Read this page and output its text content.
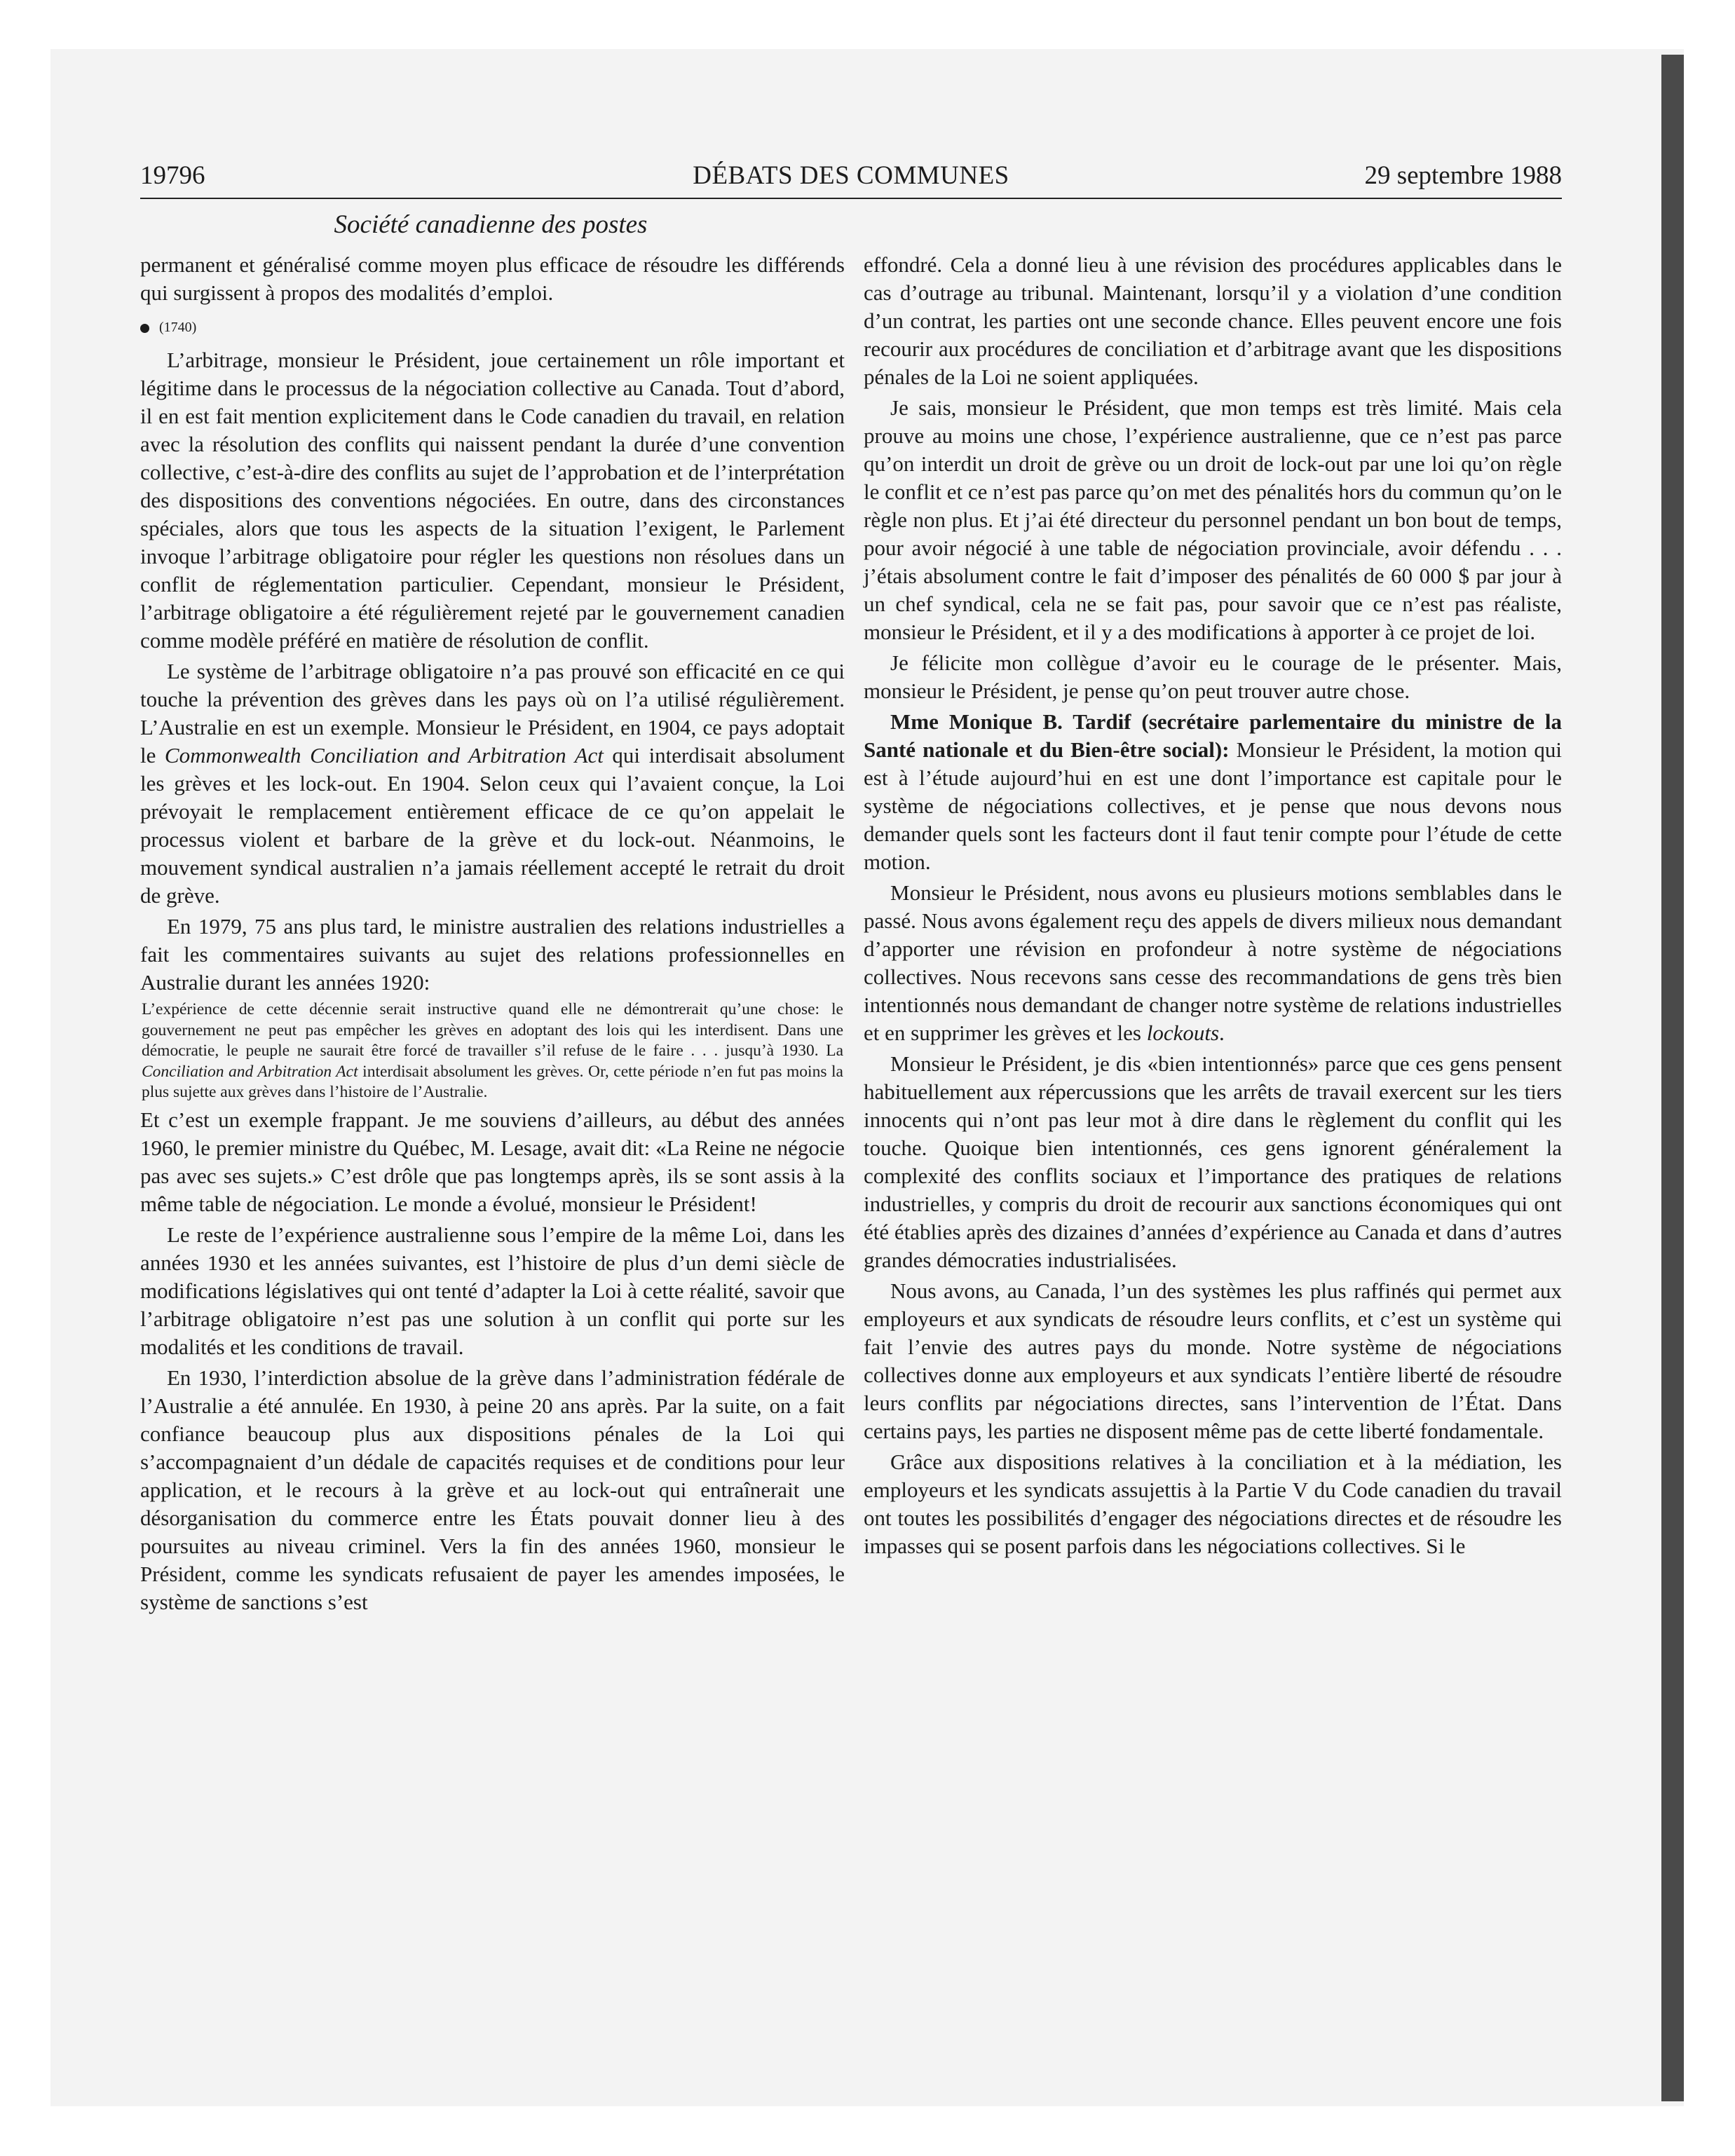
19796	DÉBATS DES COMMUNES	29 septembre 1988
Société canadienne des postes

permanent et généralisé comme moyen plus efficace de résoudre les différends qui surgissent à propos des modalités d’emploi.

(1740)

L’arbitrage, monsieur le Président, joue certainement un rôle important et légitime dans le processus de la négociation collective au Canada. Tout d’abord, il en est fait mention explicitement dans le Code canadien du travail, en relation avec la résolution des conflits qui naissent pendant la durée d’une convention collective, c’est-à-dire des conflits au sujet de l’approbation et de l’interprétation des dispositions des conventions négociées. En outre, dans des circonstances spéciales, alors que tous les aspects de la situation l’exigent, le Parlement invoque l’arbitrage obligatoire pour régler les questions non résolues dans un conflit de réglementation particulier. Cependant, monsieur le Président, l’arbitrage obligatoire a été régulièrement rejeté par le gouvernement canadien comme modèle préféré en matière de résolution de conflit.

Le système de l’arbitrage obligatoire n’a pas prouvé son efficacité en ce qui touche la prévention des grèves dans les pays où on l’a utilisé régulièrement. L’Australie en est un exemple. Monsieur le Président, en 1904, ce pays adoptait le Commonwealth Conciliation and Arbitration Act qui interdisait absolument les grèves et les lock-out. En 1904. Selon ceux qui l’avaient conçue, la Loi prévoyait le remplacement entièrement efficace de ce qu’on appelait le processus violent et barbare de la grève et du lock-out. Néanmoins, le mouvement syndical australien n’a jamais réellement accepté le retrait du droit de grève.

En 1979, 75 ans plus tard, le ministre australien des relations industrielles a fait les commentaires suivants au sujet des relations professionnelles en Australie durant les années 1920:

L’expérience de cette décennie serait instructive quand elle ne démontrerait qu’une chose: le gouvernement ne peut pas empêcher les grèves en adoptant des lois qui les interdisent. Dans une démocratie, le peuple ne saurait être forcé de travailler s’il refuse de le faire . . . jusqu’à 1930. La Conciliation and Arbitration Act interdisait absolument les grèves. Or, cette période n’en fut pas moins la plus sujette aux grèves dans l’histoire de l’Australie.

Et c’est un exemple frappant. Je me souviens d’ailleurs, au début des années 1960, le premier ministre du Québec, M. Lesage, avait dit: «La Reine ne négocie pas avec ses sujets.» C’est drôle que pas longtemps après, ils se sont assis à la même table de négociation. Le monde a évolué, monsieur le Président!

Le reste de l’expérience australienne sous l’empire de la même Loi, dans les années 1930 et les années suivantes, est l’histoire de plus d’un demi siècle de modifications législatives qui ont tenté d’adapter la Loi à cette réalité, savoir que l’arbitrage obligatoire n’est pas une solution à un conflit qui porte sur les modalités et les conditions de travail.

En 1930, l’interdiction absolue de la grève dans l’administration fédérale de l’Australie a été annulée. En 1930, à peine 20 ans après. Par la suite, on a fait confiance beaucoup plus aux dispositions pénales de la Loi qui s’accompagnaient d’un dédale de capacités requises et de conditions pour leur application, et le recours à la grève et au lock-out qui entraînerait une désorganisation du commerce entre les États pouvait donner lieu à des poursuites au niveau criminel. Vers la fin des années 1960, monsieur le Président, comme les syndicats refusaient de payer les amendes imposées, le système de sanctions s’est

effondré. Cela a donné lieu à une révision des procédures applicables dans le cas d’outrage au tribunal. Maintenant, lorsqu’il y a violation d’une condition d’un contrat, les parties ont une seconde chance. Elles peuvent encore une fois recourir aux procédures de conciliation et d’arbitrage avant que les dispositions pénales de la Loi ne soient appliquées.

Je sais, monsieur le Président, que mon temps est très limité. Mais cela prouve au moins une chose, l’expérience australienne, que ce n’est pas parce qu’on interdit un droit de grève ou un droit de lock-out par une loi qu’on règle le conflit et ce n’est pas parce qu’on met des pénalités hors du commun qu’on le règle non plus. Et j’ai été directeur du personnel pendant un bon bout de temps, pour avoir négocié à une table de négociation provinciale, avoir défendu . . . j’étais absolument contre le fait d’imposer des pénalités de 60 000 $ par jour à un chef syndical, cela ne se fait pas, pour savoir que ce n’est pas réaliste, monsieur le Président, et il y a des modifications à apporter à ce projet de loi.

Je félicite mon collègue d’avoir eu le courage de le présenter. Mais, monsieur le Président, je pense qu’on peut trouver autre chose.

Mme Monique B. Tardif (secrétaire parlementaire du ministre de la Santé nationale et du Bien-être social): Monsieur le Président, la motion qui est à l’étude aujourd’hui en est une dont l’importance est capitale pour le système de négociations collectives, et je pense que nous devons nous demander quels sont les facteurs dont il faut tenir compte pour l’étude de cette motion.

Monsieur le Président, nous avons eu plusieurs motions semblables dans le passé. Nous avons également reçu des appels de divers milieux nous demandant d’apporter une révision en profondeur à notre système de négociations collectives. Nous recevons sans cesse des recommandations de gens très bien intentionnés nous demandant de changer notre système de relations industrielles et en supprimer les grèves et les lockouts.

Monsieur le Président, je dis «bien intentionnés» parce que ces gens pensent habituellement aux répercussions que les arrêts de travail exercent sur les tiers innocents qui n’ont pas leur mot à dire dans le règlement du conflit qui les touche. Quoique bien intentionnés, ces gens ignorent généralement la complexité des conflits sociaux et l’importance des pratiques de relations industrielles, y compris du droit de recourir aux sanctions économiques qui ont été établies après des dizaines d’années d’expérience au Canada et dans d’autres grandes démocraties industrialisées.

Nous avons, au Canada, l’un des systèmes les plus raffinés qui permet aux employeurs et aux syndicats de résoudre leurs conflits, et c’est un système qui fait l’envie des autres pays du monde. Notre système de négociations collectives donne aux employeurs et aux syndicats l’entière liberté de résoudre leurs conflits par négociations directes, sans l’intervention de l’État. Dans certains pays, les parties ne disposent même pas de cette liberté fondamentale.

Grâce aux dispositions relatives à la conciliation et à la médiation, les employeurs et les syndicats assujettis à la Partie V du Code canadien du travail ont toutes les possibilités d’engager des négociations directes et de résoudre les impasses qui se posent parfois dans les négociations collectives. Si le
